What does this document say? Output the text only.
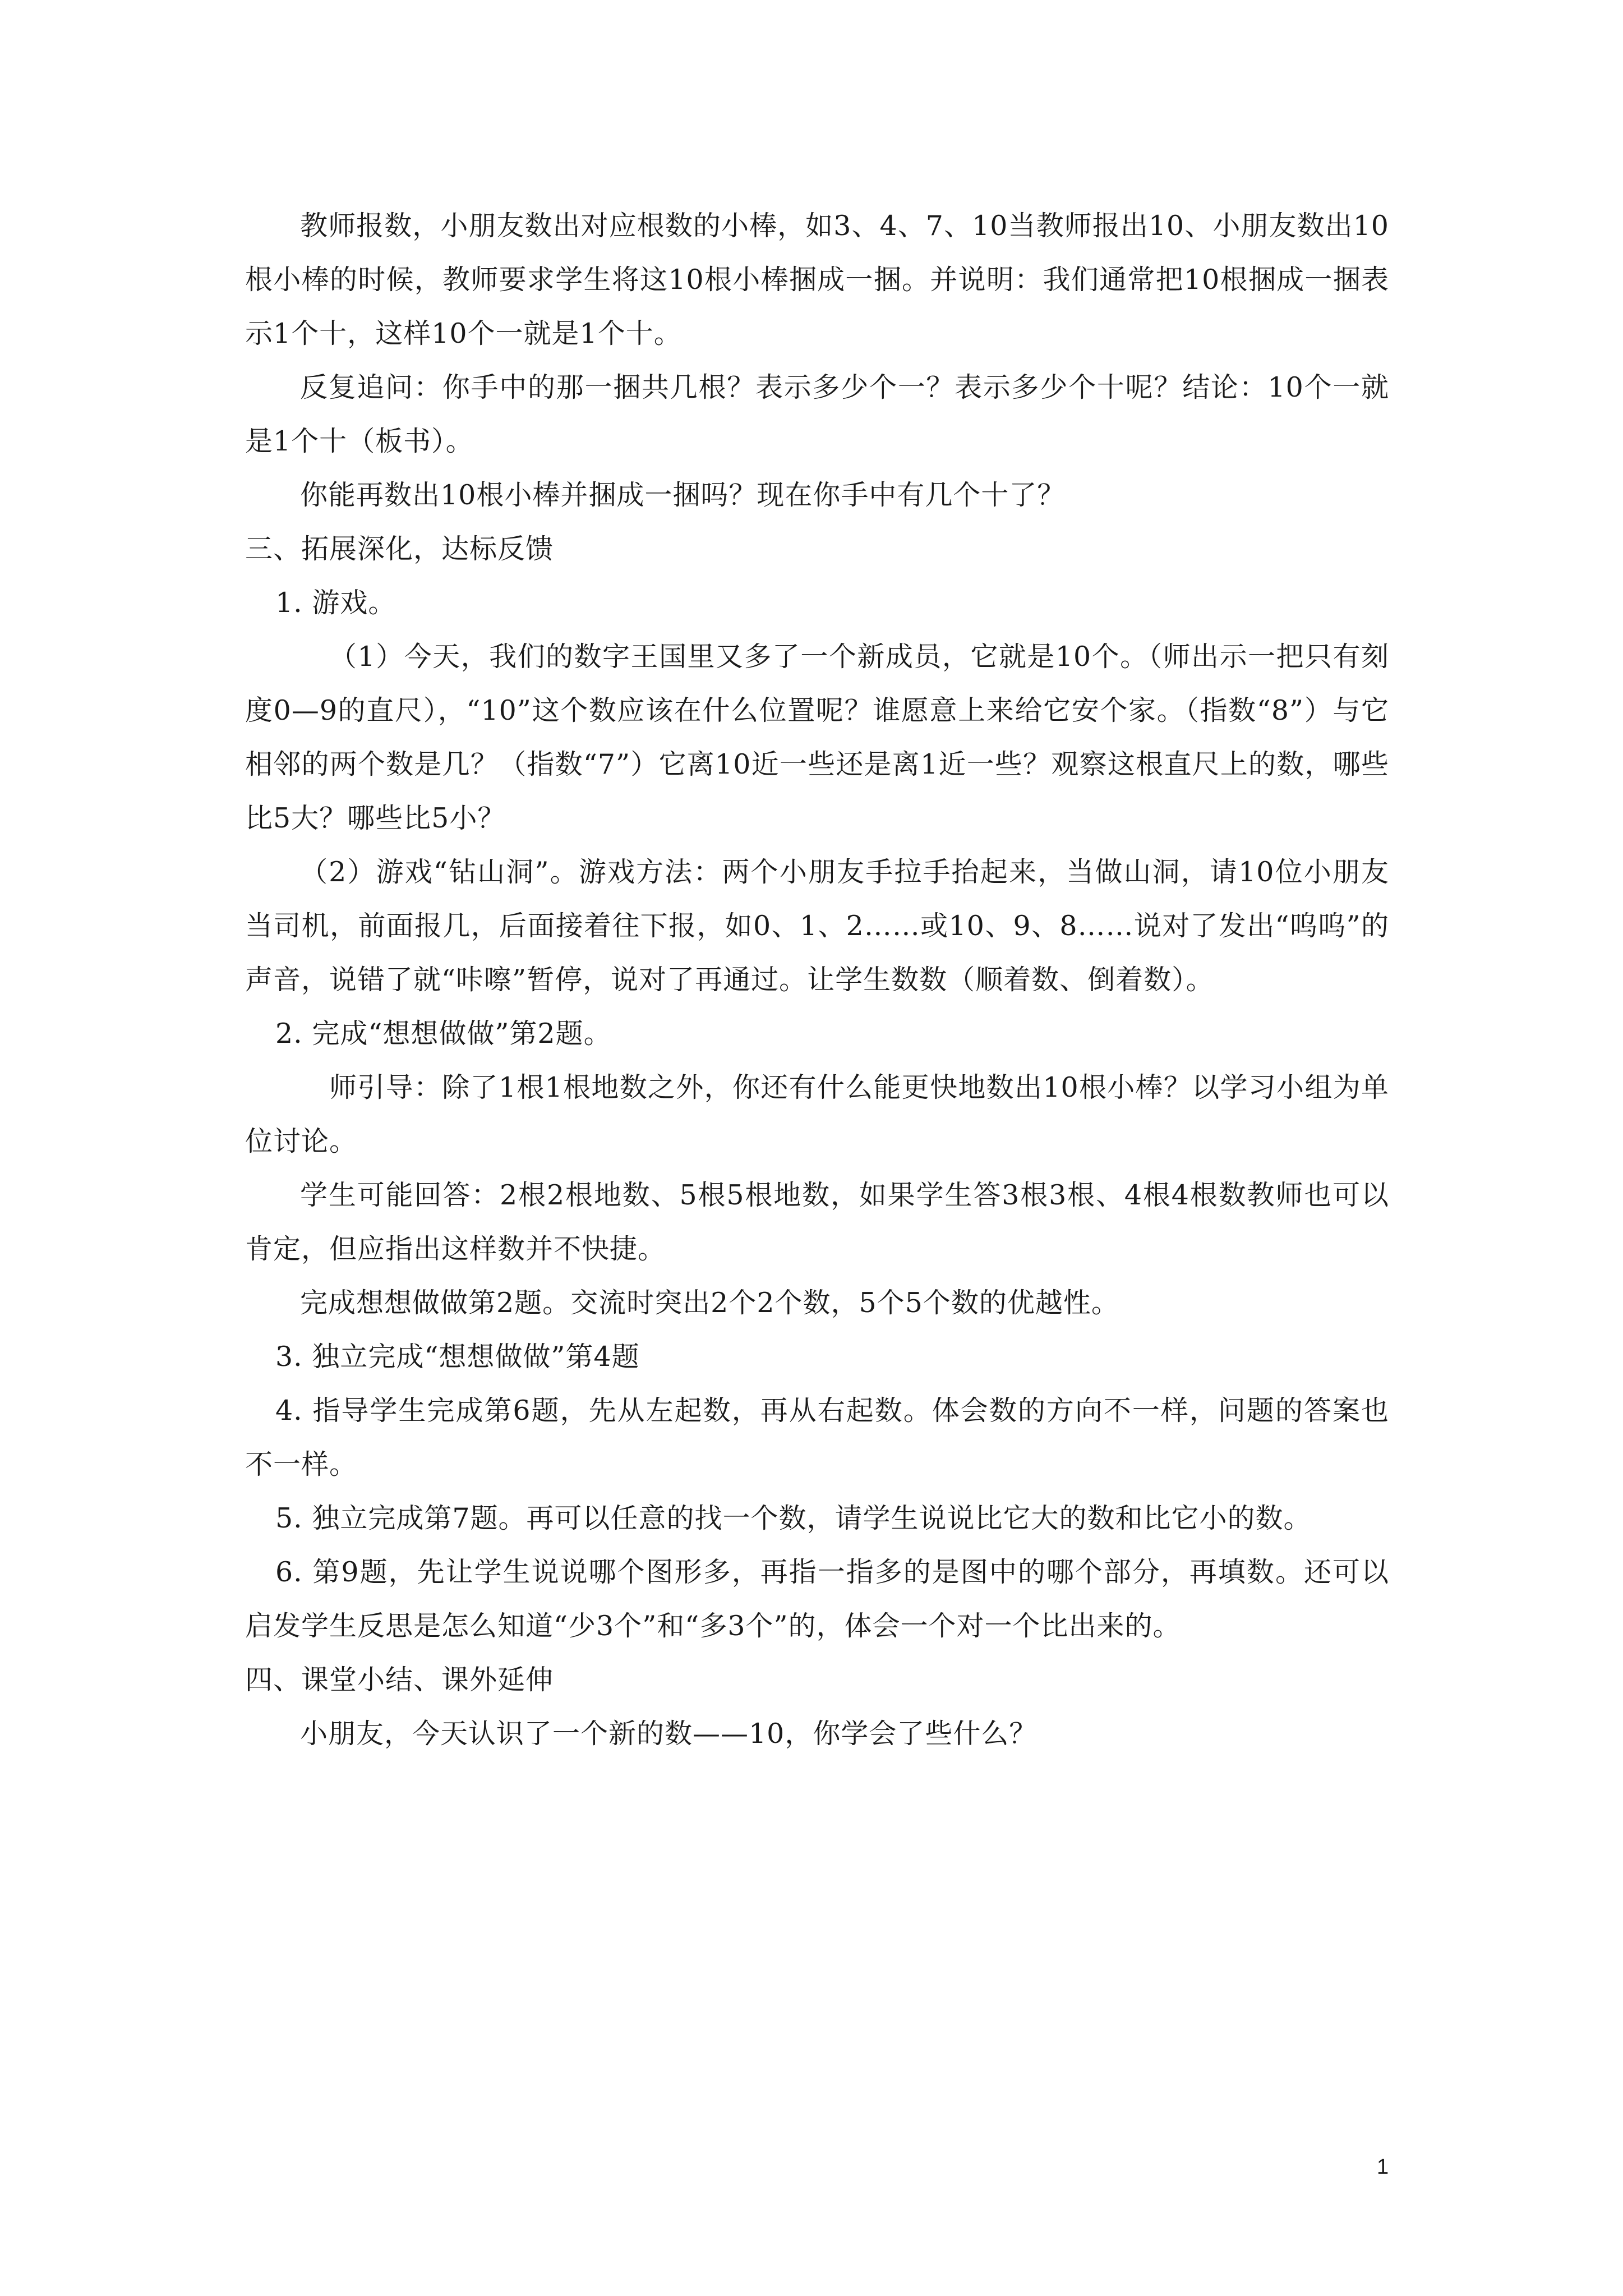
教师报数，小朋友数出对应根数的小棒，如3、4、7、10当教师报出10、小朋友数出10根小棒的时候，教师要求学生将这10根小棒捆成一捆。并说明：我们通常把10根捆成一捆表示1个十，这样10个一就是1个十。

反复追问：你手中的那一捆共几根？表示多少个一？表示多少个十呢？结论：10个一就是1个十（板书）。

你能再数出10根小棒并捆成一捆吗？现在你手中有几个十了？

三、拓展深化，达标反馈

1. 游戏。

（1）今天，我们的数字王国里又多了一个新成员，它就是10个。（师出示一把只有刻度0—9的直尺），“10”这个数应该在什么位置呢？谁愿意上来给它安个家。（指数“8”）与它相邻的两个数是几？（指数“7”）它离10近一些还是离1近一些？观察这根直尺上的数，哪些比5大？哪些比5小？

（2）游戏“钻山洞”。游戏方法：两个小朋友手拉手抬起来，当做山洞，请10位小朋友当司机，前面报几，后面接着往下报，如0、1、2……或10、9、8……说对了发出“呜呜”的声音，说错了就“咔嚓”暂停，说对了再通过。让学生数数（顺着数、倒着数）。

2. 完成“想想做做”第2题。

师引导：除了1根1根地数之外，你还有什么能更快地数出10根小棒？以学习小组为单位讨论。

学生可能回答：2根2根地数、5根5根地数，如果学生答3根3根、4根4根数教师也可以肯定，但应指出这样数并不快捷。

完成想想做做第2题。交流时突出2个2个数，5个5个数的优越性。

3. 独立完成“想想做做”第4题

4. 指导学生完成第6题，先从左起数，再从右起数。体会数的方向不一样，问题的答案也不一样。

5. 独立完成第7题。再可以任意的找一个数，请学生说说比它大的数和比它小的数。

6. 第9题，先让学生说说哪个图形多，再指一指多的是图中的哪个部分，再填数。还可以启发学生反思是怎么知道“少3个”和“多3个”的，体会一个对一个比出来的。

四、课堂小结、课外延伸

小朋友，今天认识了一个新的数——10，你学会了些什么？

1
